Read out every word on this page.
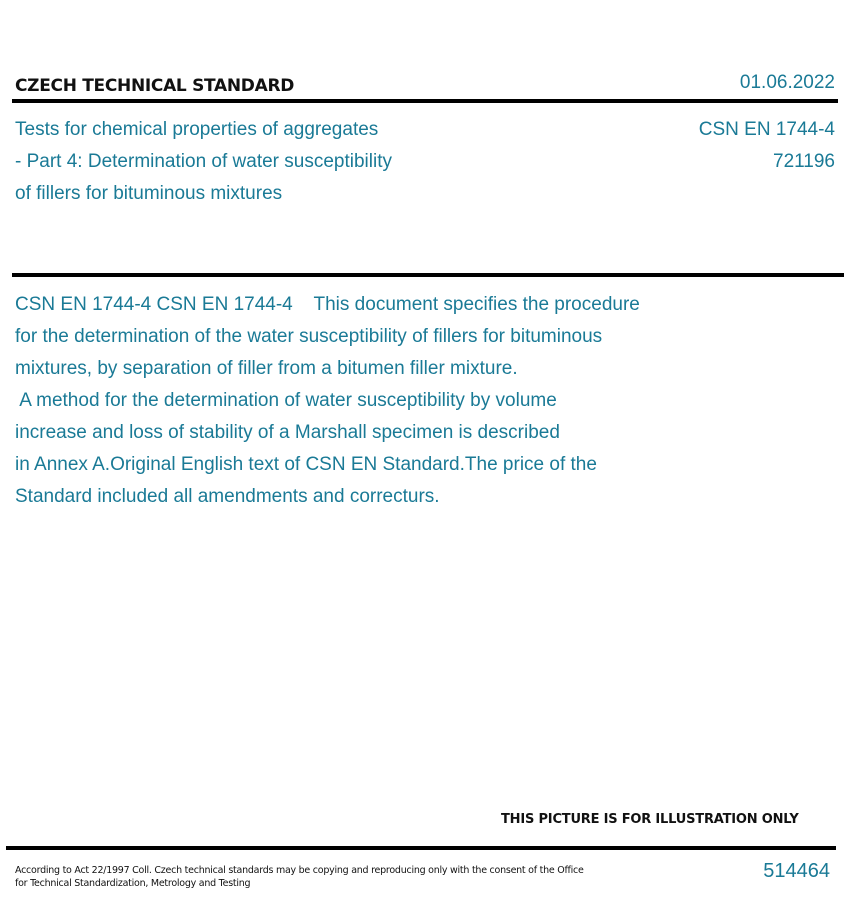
CZECH TECHNICAL STANDARD	01.06.2022
Tests for chemical properties of aggregates
- Part 4: Determination of water susceptibility
of fillers for bituminous mixtures
CSN EN 1744-4
721196
CSN EN 1744-4 CSN EN 1744-4    This document specifies the procedure
for the determination of the water susceptibility of fillers for bituminous
mixtures, by separation of filler from a bitumen filler mixture.
A method for the determination of water susceptibility by volume
increase and loss of stability of a Marshall specimen is described
in Annex A.Original English text of CSN EN Standard.The price of the
Standard included all amendments and correcturs.
THIS PICTURE IS FOR ILLUSTRATION ONLY
According to Act 22/1997 Coll. Czech technical standards may be copying and reproducing only with the consent of the Office
for Technical Standardization, Metrology and Testing
514464
